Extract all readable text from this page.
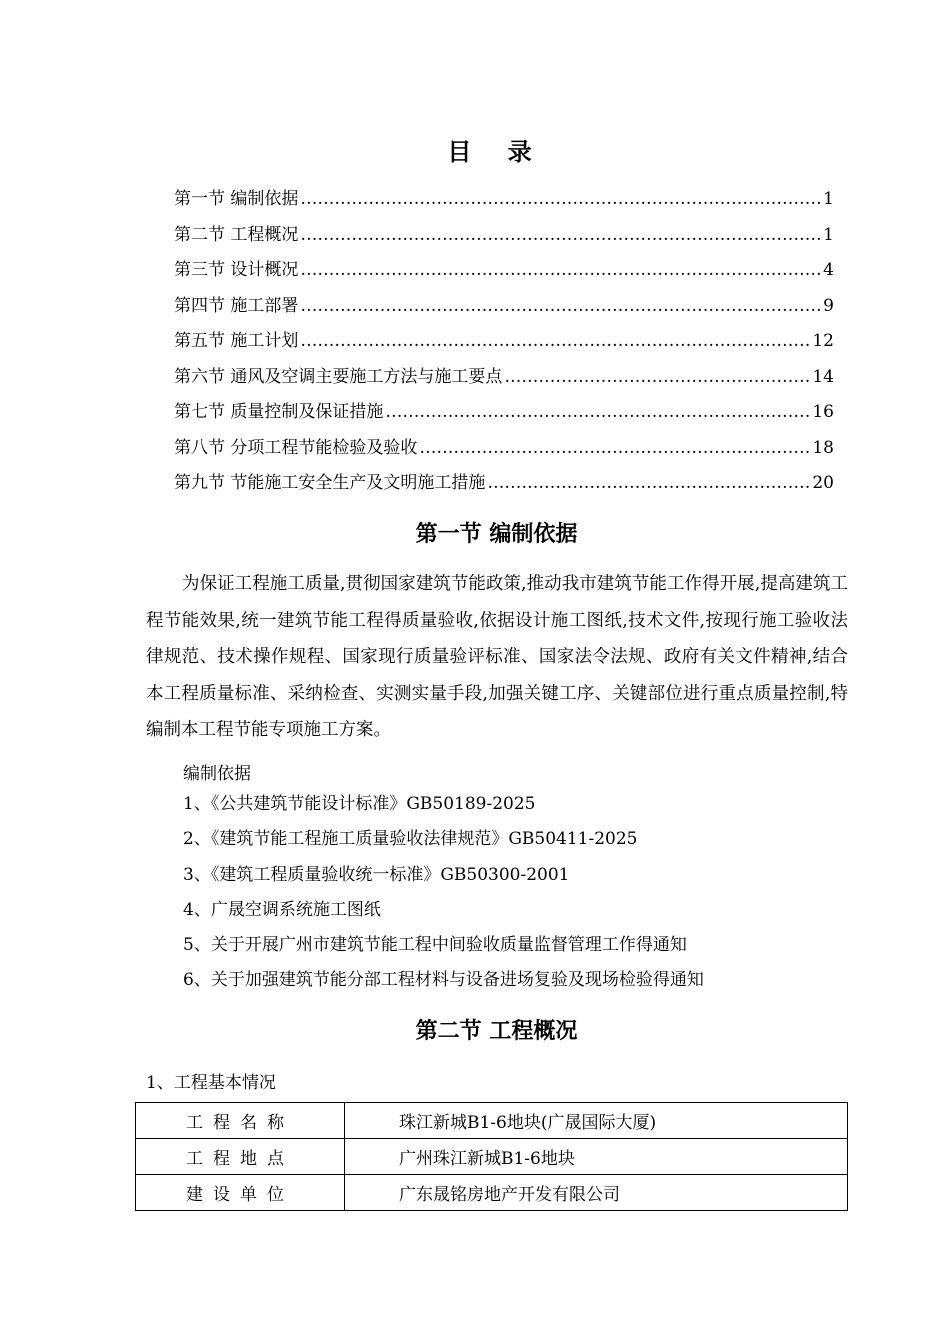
目 录
第一节 编制依据 ……………………………………………………………………………………………………………………………………………	1
第二节 工程概况 ……………………………………………………………………………………………………………………………………………	1
第三节 设计概况 ……………………………………………………………………………………………………………………………………………	4
第四节 施工部署 ……………………………………………………………………………………………………………………………………………	9
第五节 施工计划 ……………………………………………………………………………………………………………………………………………	12
第六节 通风及空调主要施工方法与施工要点 ……………………………………………………………………………………………………………………………………………	14
第七节 质量控制及保证措施 ……………………………………………………………………………………………………………………………………………	16
第八节 分项工程节能检验及验收 ……………………………………………………………………………………………………………………………………………	18
第九节 节能施工安全生产及文明施工措施 ……………………………………………………………………………………………………………………………………………	20
第一节 编制依据
为保证工程施工质量,贯彻国家建筑节能政策,推动我市建筑节能工作得开展,提高建筑工程节能效果,统一建筑节能工程得质量验收,依据设计施工图纸,技术文件,按现行施工验收法律规范、技术操作规程、国家现行质量验评标准、国家法令法规、政府有关文件精神,结合本工程质量标准、采纳检查、实测实量手段,加强关键工序、关键部位进行重点质量控制,特编制本工程节能专项施工方案。
编制依据
1、《公共建筑节能设计标准》GB50189-2025
2、《建筑节能工程施工质量验收法律规范》GB50411-2025
3、《建筑工程质量验收统一标准》GB50300-2001
4、广晟空调系统施工图纸
5、关于开展广州市建筑节能工程中间验收质量监督管理工作得通知
6、关于加强建筑节能分部工程材料与设备进场复验及现场检验得通知
第二节 工程概况
1、工程基本情况
工程名称	珠江新城B1-6地块(广晟国际大厦)
工程地点	广州珠江新城B1-6地块
建设单位	广东晟铭房地产开发有限公司
